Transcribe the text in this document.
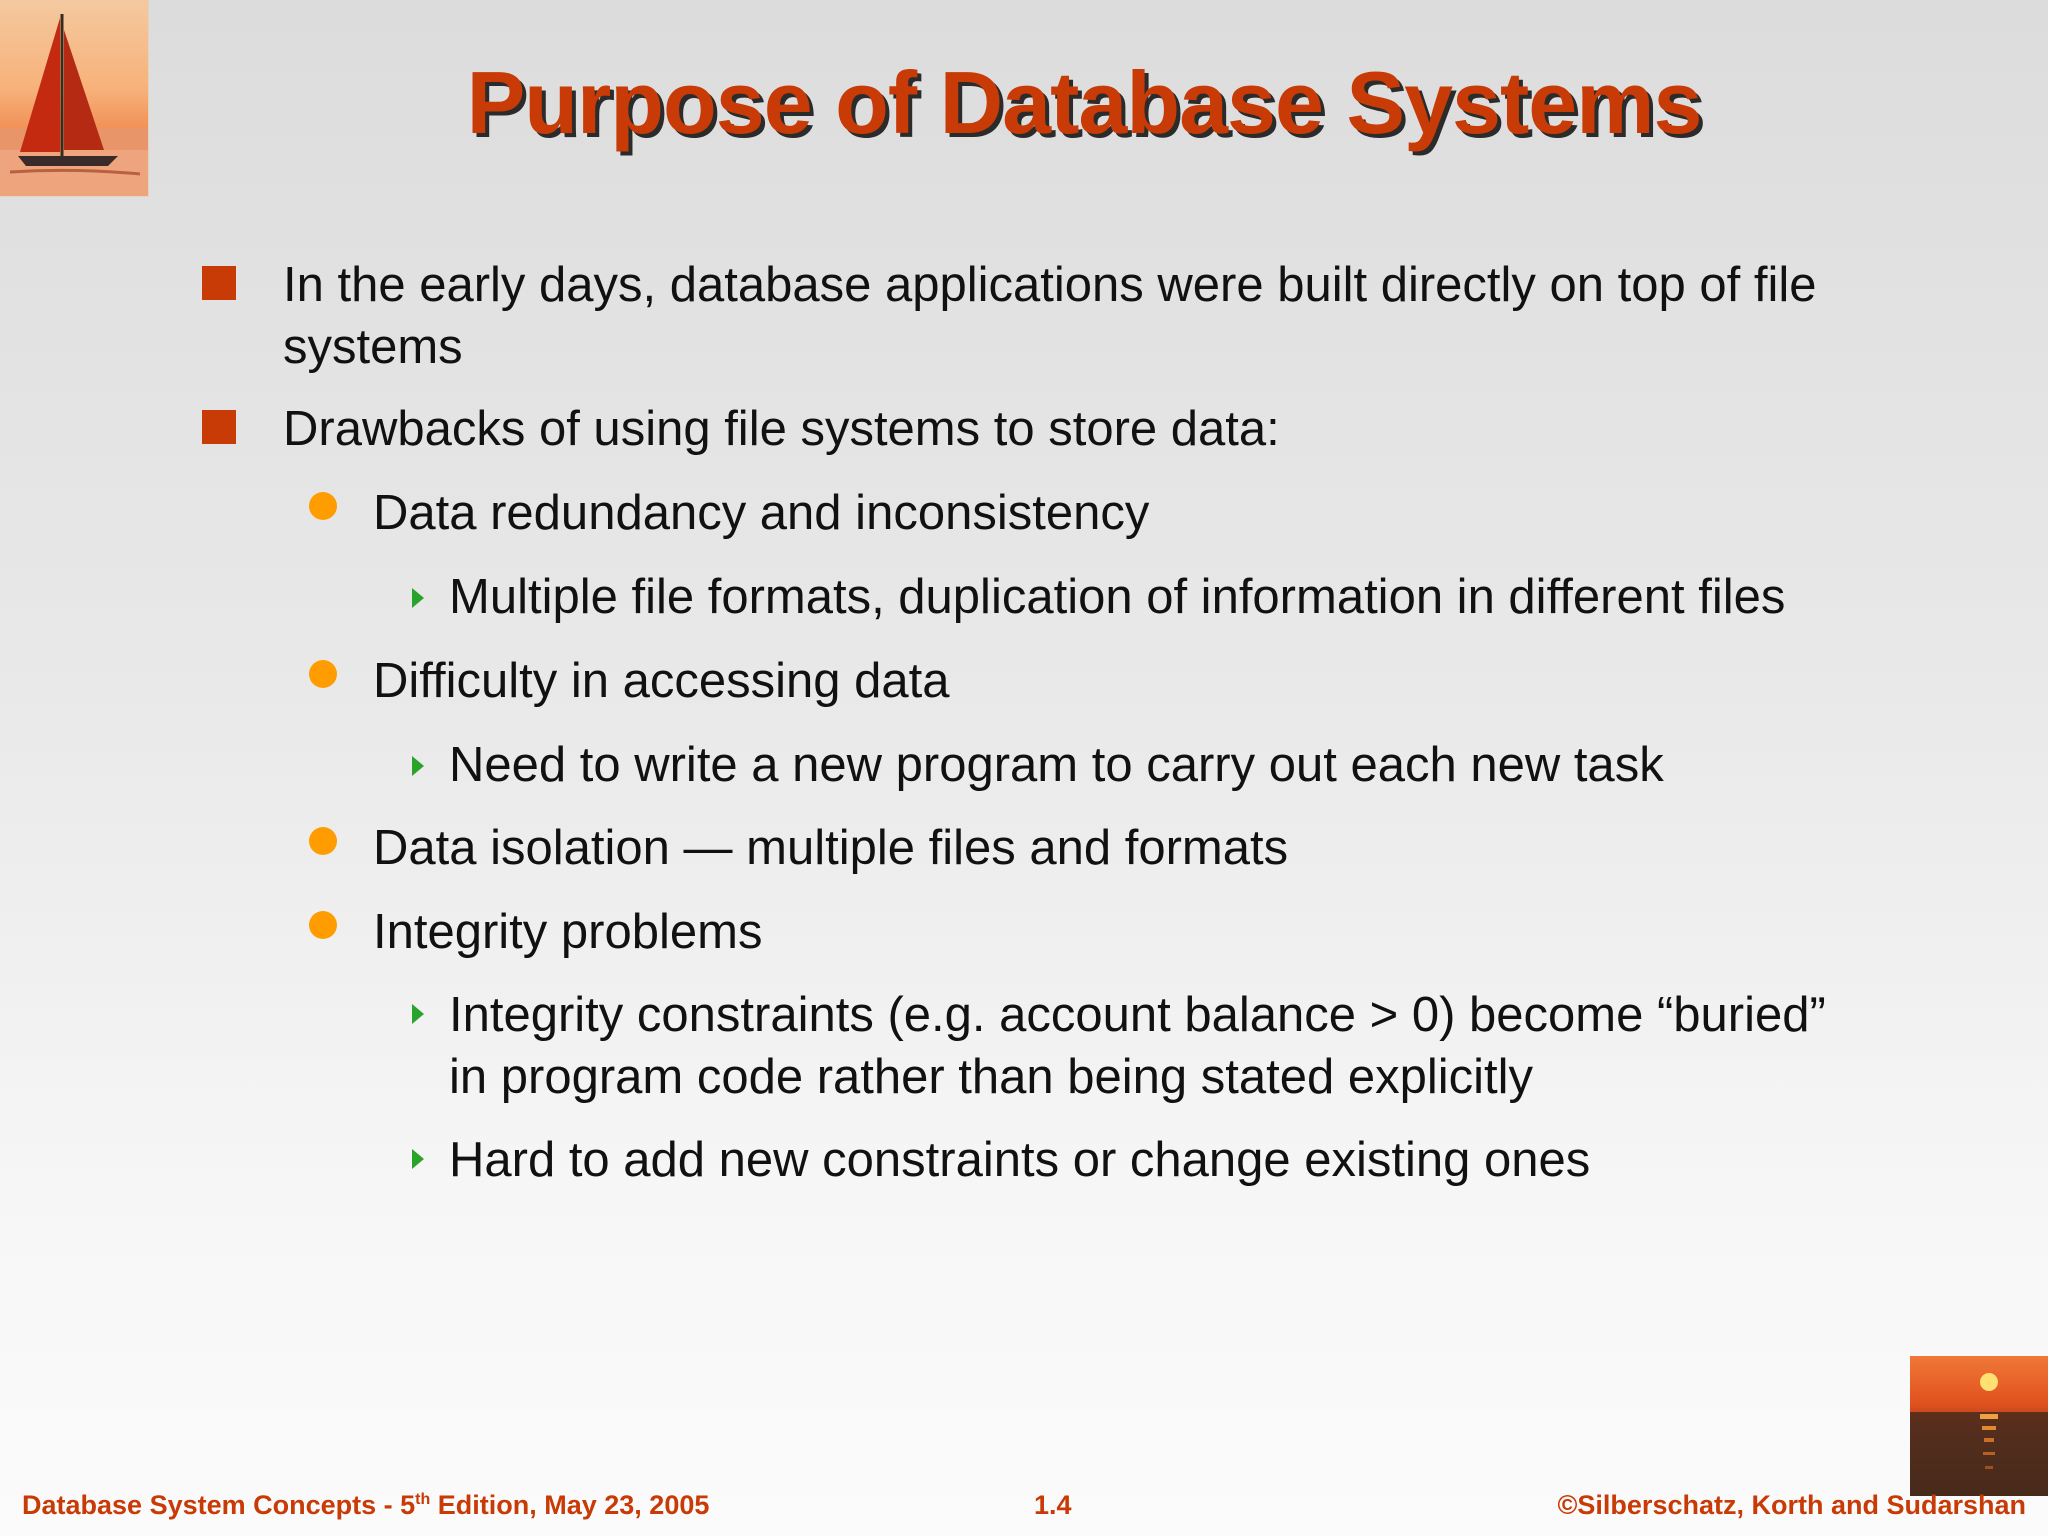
Purpose of Database Systems
In the early days, database applications were built directly on top of file systems
Drawbacks of using file systems to store data:
Data redundancy and inconsistency
Multiple file formats, duplication of information in different files
Difficulty in accessing data
Need to write a new program to carry out each new task
Data isolation — multiple files and formats
Integrity problems
Integrity constraints (e.g. account balance > 0) become “buried” in program code rather than being stated explicitly
Hard to add new constraints or change existing ones
Database System Concepts - 5th Edition, May 23, 2005	1.4	©Silberschatz, Korth and Sudarshan
